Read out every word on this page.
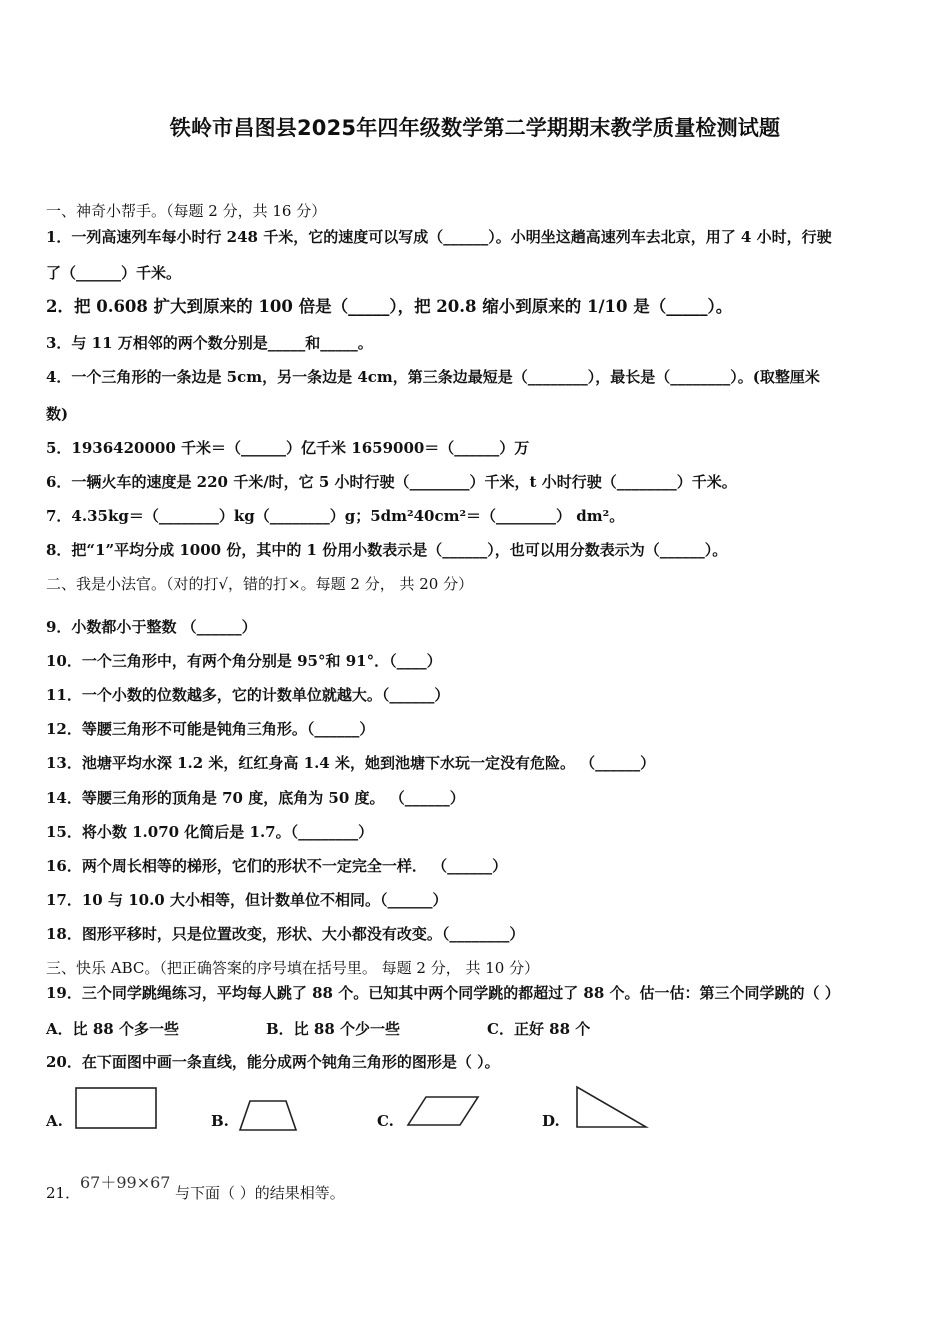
铁岭市昌图县2025年四年级数学第二学期期末教学质量检测试题
一、神奇小帮手。（每题 2 分，共 16 分）
1．一列高速列车每小时行 248 千米，它的速度可以写成（______）。小明坐这趟高速列车去北京，用了 4 小时，行驶
了（______）千米。
2．把 0.608 扩大到原来的 100 倍是（_____），把 20.8 缩小到原来的 1/10 是（_____）。
3．与 11 万相邻的两个数分别是_____和_____。
4．一个三角形的一条边是 5cm，另一条边是 4cm，第三条边最短是（________），最长是（________）。(取整厘米
数)
5．1936420000 千米＝（______）亿千米 1659000＝（______）万
6．一辆火车的速度是 220 千米/时，它 5 小时行驶（________）千米，t 小时行驶（________）千米。
7．4.35kg＝（________）kg（________）g；5dm²40cm²＝（________） dm²。
8．把“1”平均分成 1000 份，其中的 1 份用小数表示是（______），也可以用分数表示为（______）。
二、我是小法官。（对的打√，错的打×。每题 2 分， 共 20 分）
9．小数都小于整数 （______）
10．一个三角形中，有两个角分别是 95°和 91°．（____）
11．一个小数的位数越多，它的计数单位就越大。（______）
12．等腰三角形不可能是钝角三角形。（______）
13．池塘平均水深 1.2 米，红红身高 1.4 米，她到池塘下水玩一定没有危险。 （______）
14．等腰三角形的顶角是 70 度，底角为 50 度。 （______）
15．将小数 1.070 化简后是 1.7。（________）
16．两个周长相等的梯形，它们的形状不一定完全一样． （______）
17．10 与 10.0 大小相等，但计数单位不相同。（______）
18．图形平移时，只是位置改变，形状、大小都没有改变。（________）
三、快乐 ABC。（把正确答案的序号填在括号里。 每题 2 分， 共 10 分）
19．三个同学跳绳练习，平均每人跳了 88 个。已知其中两个同学跳的都超过了 88 个。估一估：第三个同学跳的（ ）
A．比 88 个多一些	B．比 88 个少一些	C．正好 88 个
20．在下面图中画一条直线，能分成两个钝角三角形的图形是（ ）。
A.	B.	C.	D.
21．
67＋99×67
与下面（ ）的结果相等。
